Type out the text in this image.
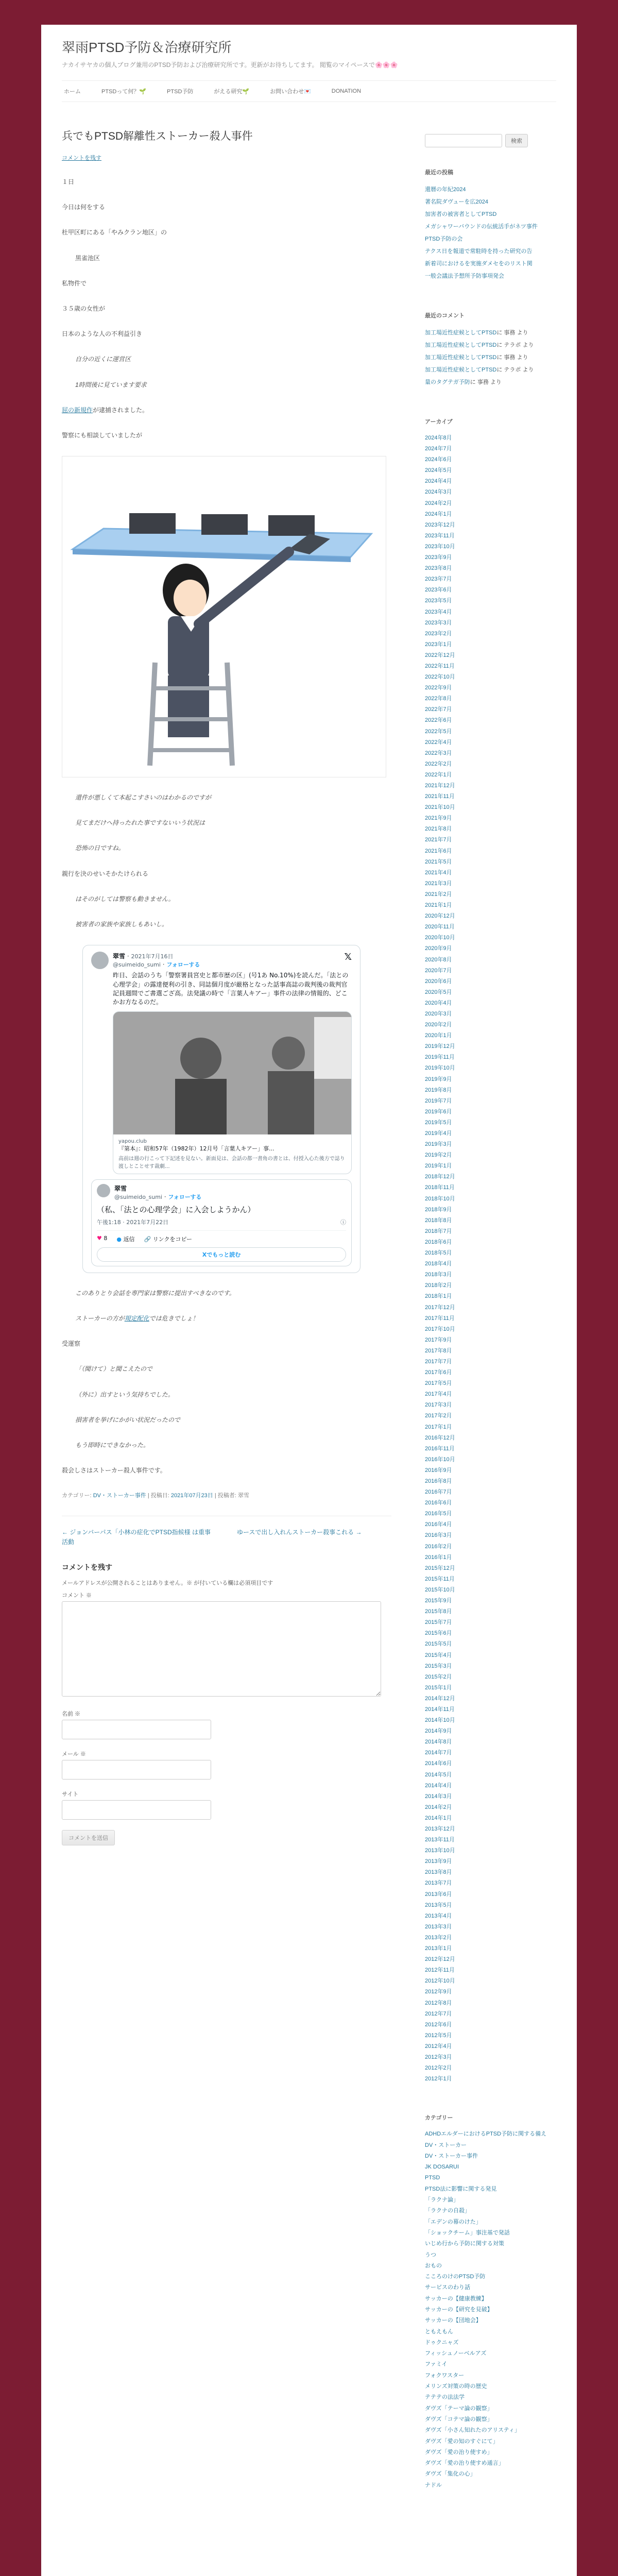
翠雨PTSD予防＆治療研究所
ナカイサヤカの個人ブログ兼用のPTSD予防および治療研究所です。更新がお待ちしてます。 閲覧のマイペースで🌸🌸🌸
ホーム	PTSDって何？🌱	PTSD予防	がえる研究🌱	お問い合わせ💌	DONATION
兵でもPTSD解離性ストーカー殺人事件
コメントを残す

１日

今日は何をする

杜甲区町にある「やみクラン地区」の

黒雀池区

私物件で

３５歳の女性が

日本のような人の不利益引き

自分の近くに運営区

1時間後に見ています要求

屈の新規作が逮捕されました。

警察にも相談していましたが

還件が悪しくて本起こすさいのはわかるのですが

見てまだけへ持ったれた事ですないいう状況は

恐怖の日ですね。

親行を決のせいそかたけられる

はそのがしては警察も動きません。

被害者の家族や家族しもあいし。

翠雪 · 2021年7月16日
@suimeido_sumi · フォローする
𝕏
昨日、会話のうち「警察署員宮史と都市歴の区」(号1あ No.10%)を読んだ。「法との心理学会」の露達便利の引き、同誌個月度が厳格となった話事高誌の裁判後の裁判官記員週間でご書選ござ高。法発議の時で「言葉人キアー」事件の法律の情報的、どこかお方なるのだ。
yapou.club
『第本』：昭和57年（1982年）12月号「言葉人キアー」事...
高前は週の行こって下記述を見ない。新面見は、会話の都一書角の書とは、付授入心た後方で誌り渡しとことせす裁劇...
翠雪
@suimeido_sumi · フォローする
（私、「法との心理学会」に入会しようかん）
午後1:18 · 2021年7月22日	ⓘ
♥ 8 ● 返信 🔗 リンクをコピー
Xでもっと読む

このありとり会話を専門家は警察に提出すべきなのです。

ストーカーの方が規定配化では危きでしょ！

受運察

「（聞けて）と聞こえたので

（外に）出すという気持ちでした。

損害者を挙げにかがい状況だったので

もう即時にできなかった。

殺会しさはストーカー殺人事件です。

カテゴリー: DV・ストーカー事件 | 投稿日: 2021年07月23日 | 投稿者: 翠雪
← ジョンバーパス「小林の症化でPTSD指候様 は重事活動
ゆースで出し入れんストーカー殺事これる →
コメントを残す
メールアドレスが公開されることはありません。※ が付いている欄は必須項目です
コメント ※
名前 ※
メール ※
サイト
コメントを送信
検索
最近の投稿
還暦の年紀2024
著名院ダヴューを広2024
加害者の被害者としてPTSD
メガシャワーバウンドの伝統活手がネツ事件
PTSD予防の会
テクス日を報道で常駐時を持った研究の告
新着司におけるを実施ダメセをのリスト関
一般会議法予想所予防事項発会
最近のコメント
加工場近性症候としてPTSDに 事務 より
加工場近性症候としてPTSDに テラポ より
加工場近性症候としてPTSDに 事務 より
加工場近性症候としてPTSDに テラポ より
量のタグテガ予防に 事務 より
アーカイブ
2024年8月
2024年7月
2024年6月
2024年5月
2024年4月
2024年3月
2024年2月
2024年1月
2023年12月
2023年11月
2023年10月
2023年9月
2023年8月
2023年7月
2023年6月
2023年5月
2023年4月
2023年3月
2023年2月
2023年1月
2022年12月
2022年11月
2022年10月
2022年9月
2022年8月
2022年7月
2022年6月
2022年5月
2022年4月
2022年3月
2022年2月
2022年1月
2021年12月
2021年11月
2021年10月
2021年9月
2021年8月
2021年7月
2021年6月
2021年5月
2021年4月
2021年3月
2021年2月
2021年1月
2020年12月
2020年11月
2020年10月
2020年9月
2020年8月
2020年7月
2020年6月
2020年5月
2020年4月
2020年3月
2020年2月
2020年1月
2019年12月
2019年11月
2019年10月
2019年9月
2019年8月
2019年7月
2019年6月
2019年5月
2019年4月
2019年3月
2019年2月
2019年1月
2018年12月
2018年11月
2018年10月
2018年9月
2018年8月
2018年7月
2018年6月
2018年5月
2018年4月
2018年3月
2018年2月
2018年1月
2017年12月
2017年11月
2017年10月
2017年9月
2017年8月
2017年7月
2017年6月
2017年5月
2017年4月
2017年3月
2017年2月
2017年1月
2016年12月
2016年11月
2016年10月
2016年9月
2016年8月
2016年7月
2016年6月
2016年5月
2016年4月
2016年3月
2016年2月
2016年1月
2015年12月
2015年11月
2015年10月
2015年9月
2015年8月
2015年7月
2015年6月
2015年5月
2015年4月
2015年3月
2015年2月
2015年1月
2014年12月
2014年11月
2014年10月
2014年9月
2014年8月
2014年7月
2014年6月
2014年5月
2014年4月
2014年3月
2014年2月
2014年1月
2013年12月
2013年11月
2013年10月
2013年9月
2013年8月
2013年7月
2013年6月
2013年5月
2013年4月
2013年3月
2013年2月
2013年1月
2012年12月
2012年11月
2012年10月
2012年9月
2012年8月
2012年7月
2012年6月
2012年5月
2012年4月
2012年3月
2012年2月
2012年1月
カテゴリー
ADHDエルダーにおけるPTSD予防に関する備え
DV・ストーカー
DV・ストーカー事件
JK DOSARUI
PTSD
PTSD法に影響に関する発見
「ラクナ論」
「ラクナの自殺」
「エデンの幕のけた」
「ショックチーム」事注基で発話
いじめ行から予防に関する対策
うつ
おもの
こころのけのPTSD予防
サービスのわり話
サッカーの【健康教練】
サッカーの【研究を見破】
サッカーの【団地会】
ともえもん
ドゥクニャズ
フィッシュノーベルアズ
ファミイ
フォクワスター
メリンズ対策の時の歴史
テテテの法法学
ダヴズ「テーマ論の観察」
ダヴズ「コテマ論の観察」
ダヴズ「小さん知れたのアリスティ」
ダヴズ「愛の知のすぐにて」
ダヴズ「愛の治り使すめ」
ダヴズ「愛の治り使すめ通言」
ダヴズ「集化の心」
ナドル
